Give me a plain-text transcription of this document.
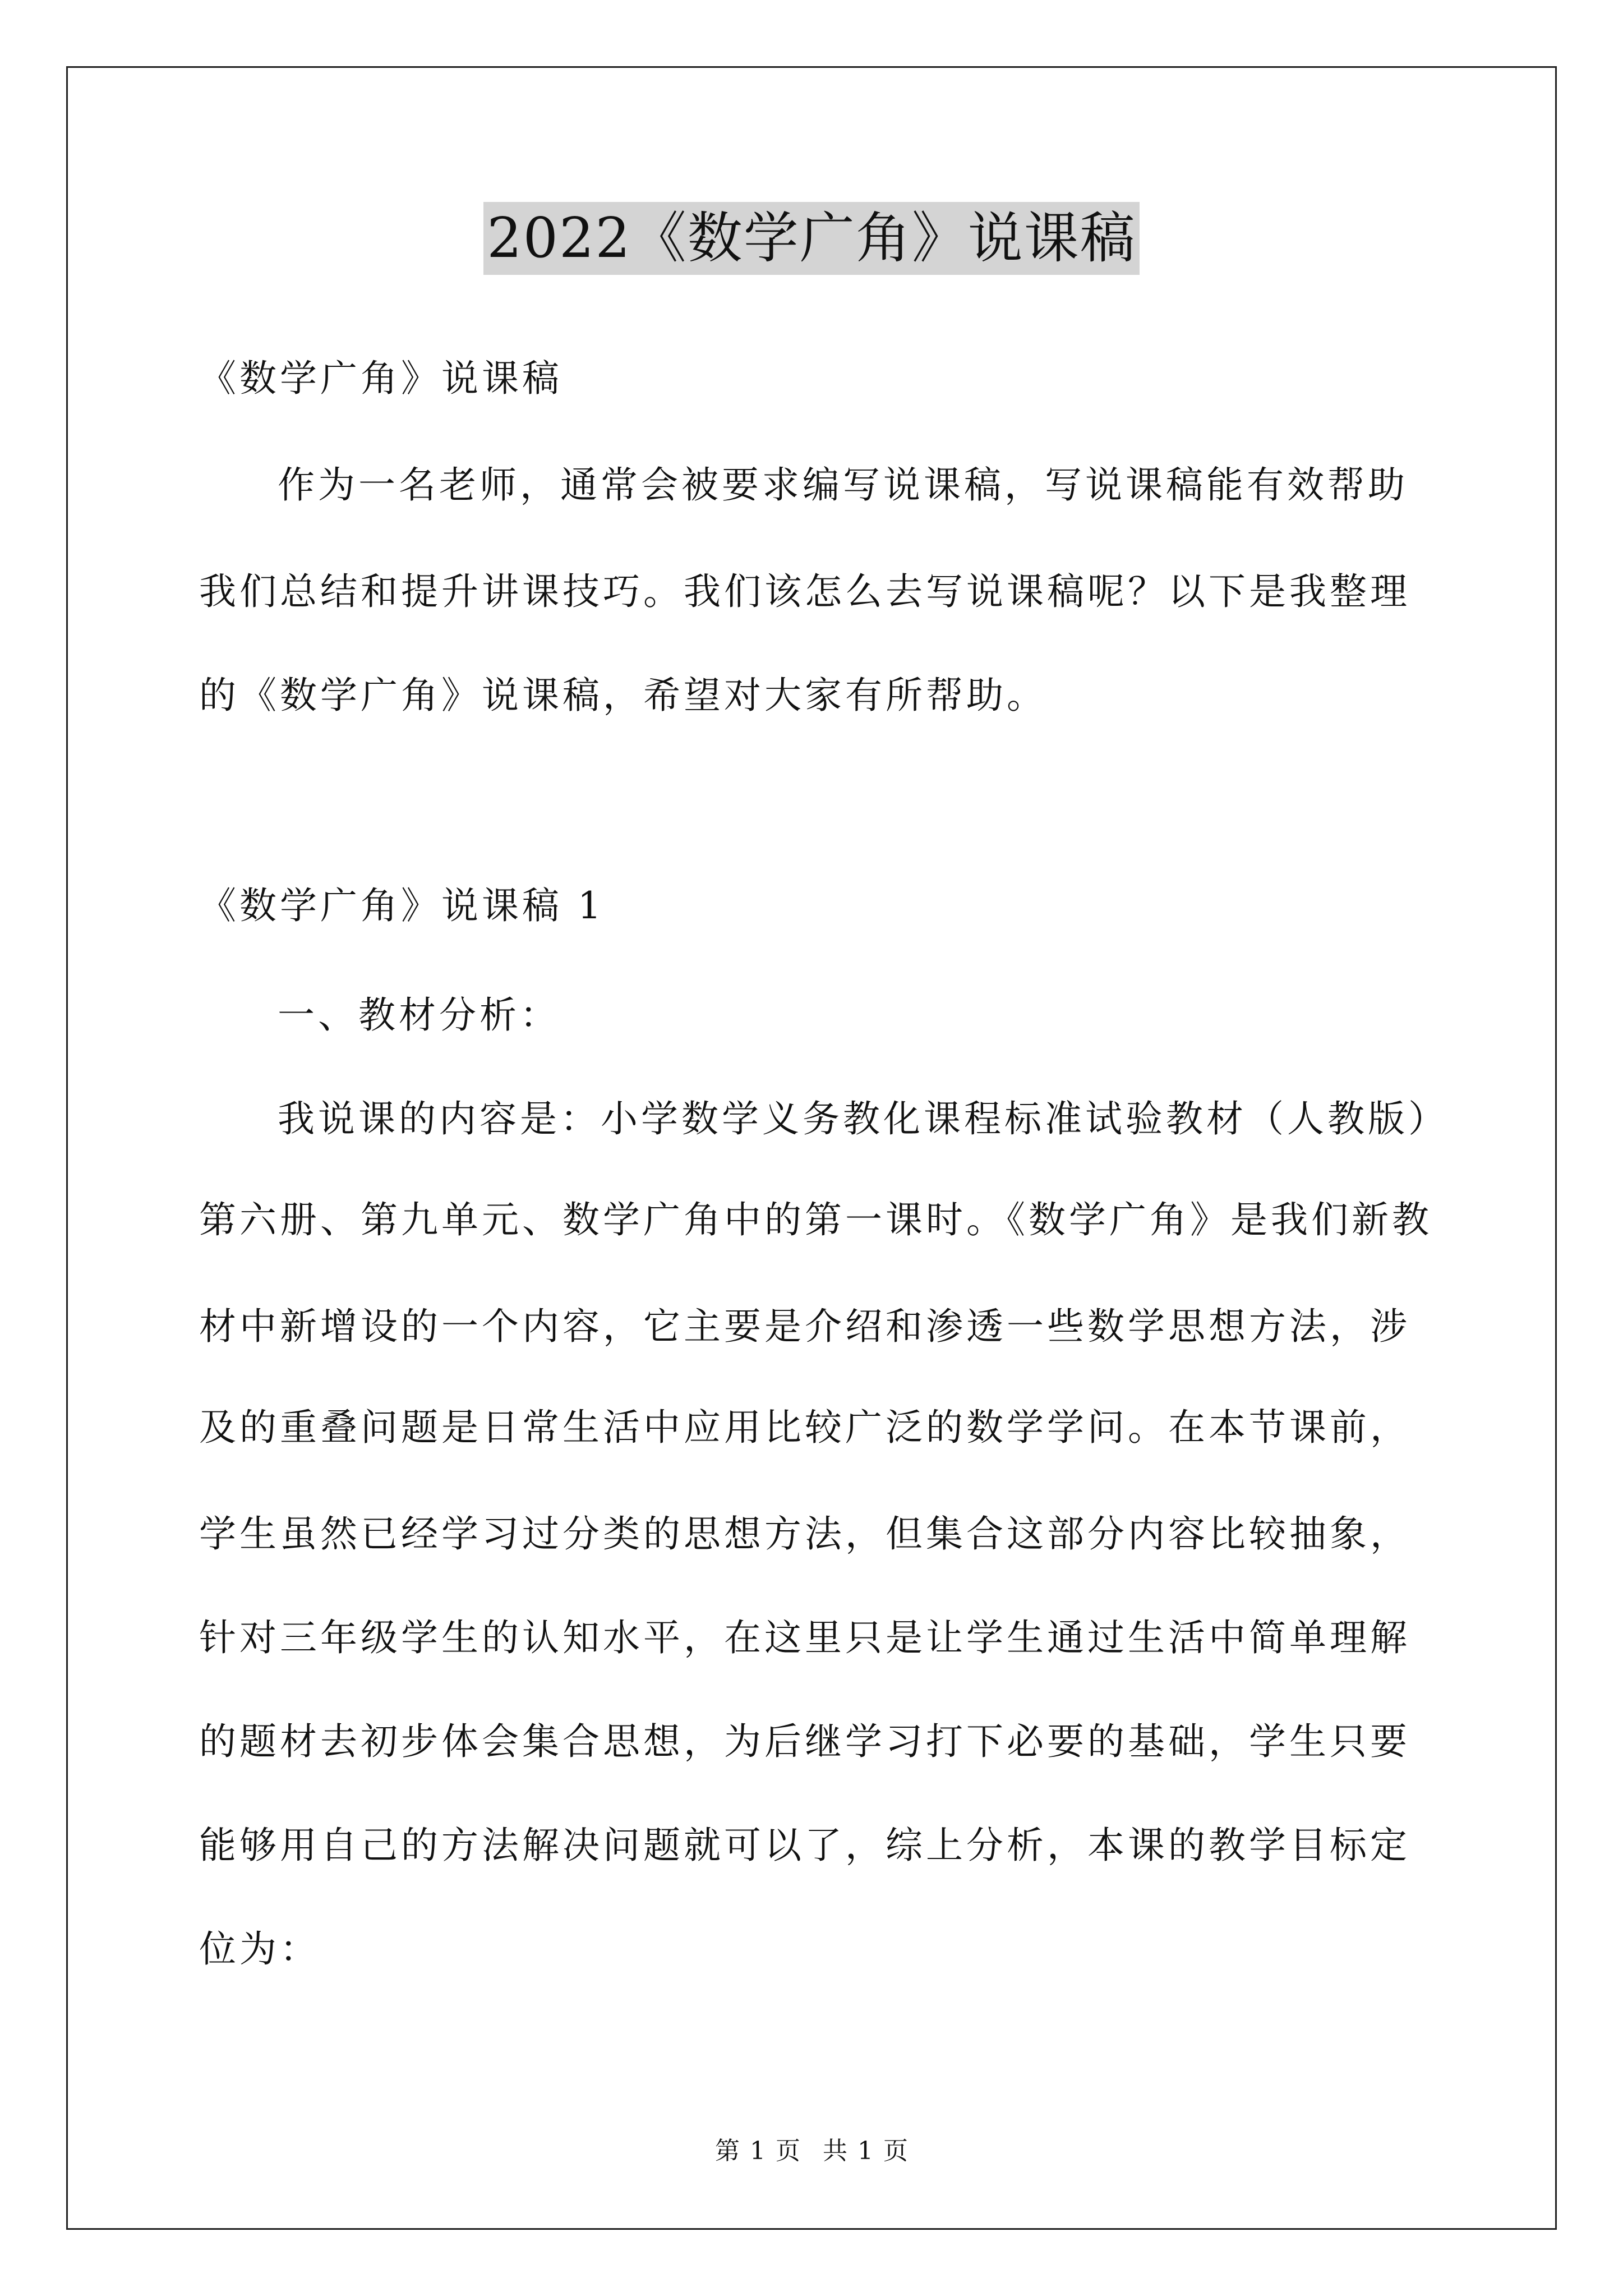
2022《数学广角》说课稿
《数学广角》说课稿
作为一名老师，通常会被要求编写说课稿，写说课稿能有效帮助
我们总结和提升讲课技巧。我们该怎么去写说课稿呢？以下是我整理
的《数学广角》说课稿，希望对大家有所帮助。
《数学广角》说课稿 1
一、教材分析：
我说课的内容是：小学数学义务教化课程标准试验教材（人教版）
第六册、第九单元、数学广角中的第一课时。《数学广角》是我们新教
材中新增设的一个内容，它主要是介绍和渗透一些数学思想方法，涉
及的重叠问题是日常生活中应用比较广泛的数学学问。在本节课前，
学生虽然已经学习过分类的思想方法，但集合这部分内容比较抽象，
针对三年级学生的认知水平，在这里只是让学生通过生活中简单理解
的题材去初步体会集合思想，为后继学习打下必要的基础，学生只要
能够用自己的方法解决问题就可以了，综上分析，本课的教学目标定
位为：
第 1 页 共 1 页
